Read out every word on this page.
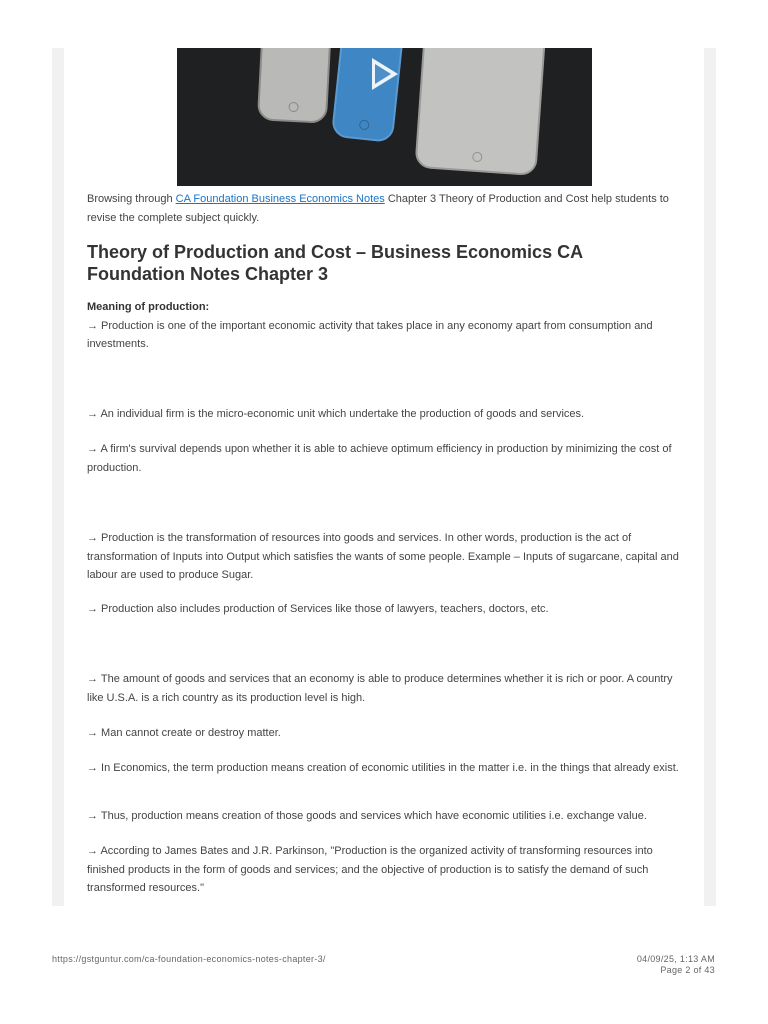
Browsing through CA Foundation Business Economics Notes Chapter 3 Theory of Production and Cost help students to revise the complete subject quickly.
Theory of Production and Cost – Business Economics CA Foundation Notes Chapter 3
Meaning of production:
→ Production is one of the important economic activity that takes place in any economy apart from consumption and investments.
→ An individual firm is the micro-economic unit which undertake the production of goods and services.
→ A firm's survival depends upon whether it is able to achieve optimum efficiency in production by minimizing the cost of production.
→ Production is the transformation of resources into goods and services. In other words, production is the act of transformation of Inputs into Output which satisfies the wants of some people. Example – Inputs of sugarcane, capital and labour are used to produce Sugar.
→ Production also includes production of Services like those of lawyers, teachers, doctors, etc.
→ The amount of goods and services that an economy is able to produce determines whether it is rich or poor. A country like U.S.A. is a rich country as its production level is high.
→ Man cannot create or destroy matter.
→ In Economics, the term production means creation of economic utilities in the matter i.e. in the things that already exist.
→ Thus, production means creation of those goods and services which have economic utilities i.e. exchange value.
→ According to James Bates and J.R. Parkinson, "Production is the organized activity of transforming resources into finished products in the form of goods and services; and the objective of production is to satisfy the demand of such transformed resources."
https://gstguntur.com/ca-foundation-economics-notes-chapter-3/	04/09/25, 1:13 AM
Page 2 of 43
